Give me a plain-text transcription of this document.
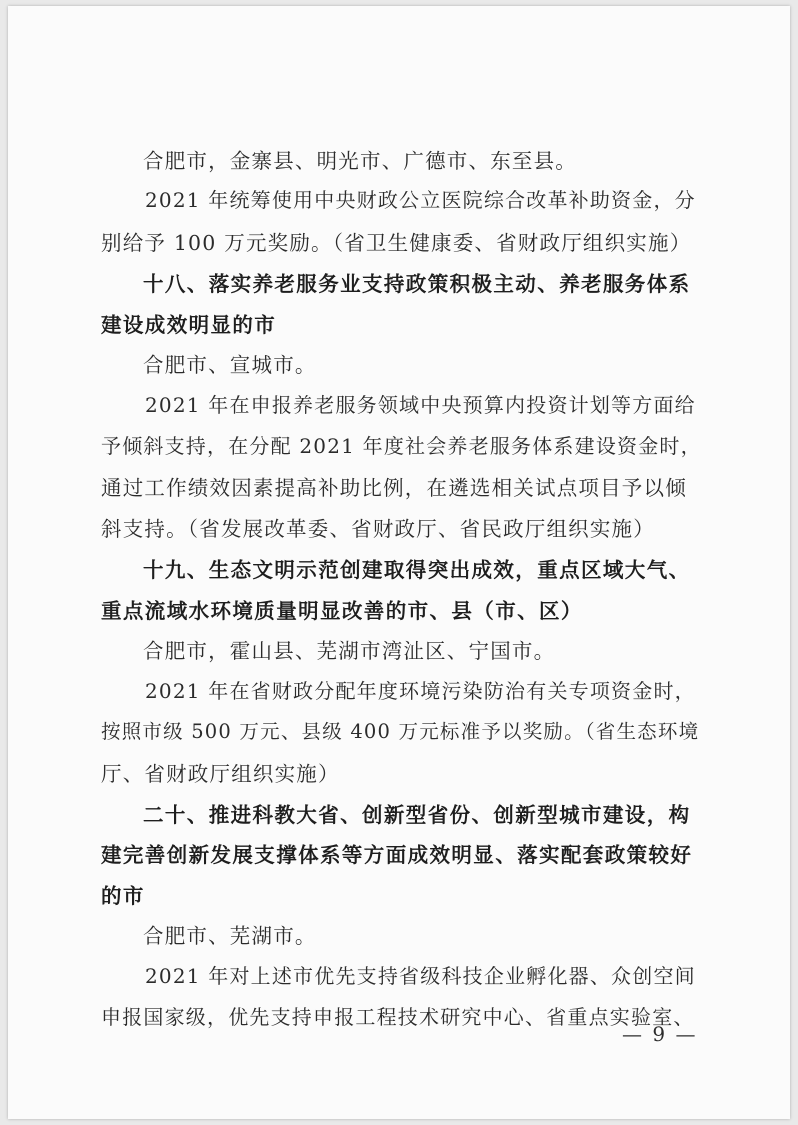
合肥市，金寨县、明光市、广德市、东至县。
2021 年统筹使用中央财政公立医院综合改革补助资金，分
别给予 100 万元奖励。（省卫生健康委、省财政厅组织实施）
十八、落实养老服务业支持政策积极主动、养老服务体系
建设成效明显的市
合肥市、宣城市。
2021 年在申报养老服务领域中央预算内投资计划等方面给
予倾斜支持，在分配 2021 年度社会养老服务体系建设资金时，
通过工作绩效因素提高补助比例，在遴选相关试点项目予以倾
斜支持。（省发展改革委、省财政厅、省民政厅组织实施）
十九、生态文明示范创建取得突出成效，重点区域大气、
重点流域水环境质量明显改善的市、县（市、区）
合肥市，霍山县、芜湖市湾沚区、宁国市。
2021 年在省财政分配年度环境污染防治有关专项资金时，
按照市级 500 万元、县级 400 万元标准予以奖励。（省生态环境
厅、省财政厅组织实施）
二十、推进科教大省、创新型省份、创新型城市建设，构
建完善创新发展支撑体系等方面成效明显、落实配套政策较好
的市
合肥市、芜湖市。
2021 年对上述市优先支持省级科技企业孵化器、众创空间
申报国家级，优先支持申报工程技术研究中心、省重点实验室、
— 9 —
